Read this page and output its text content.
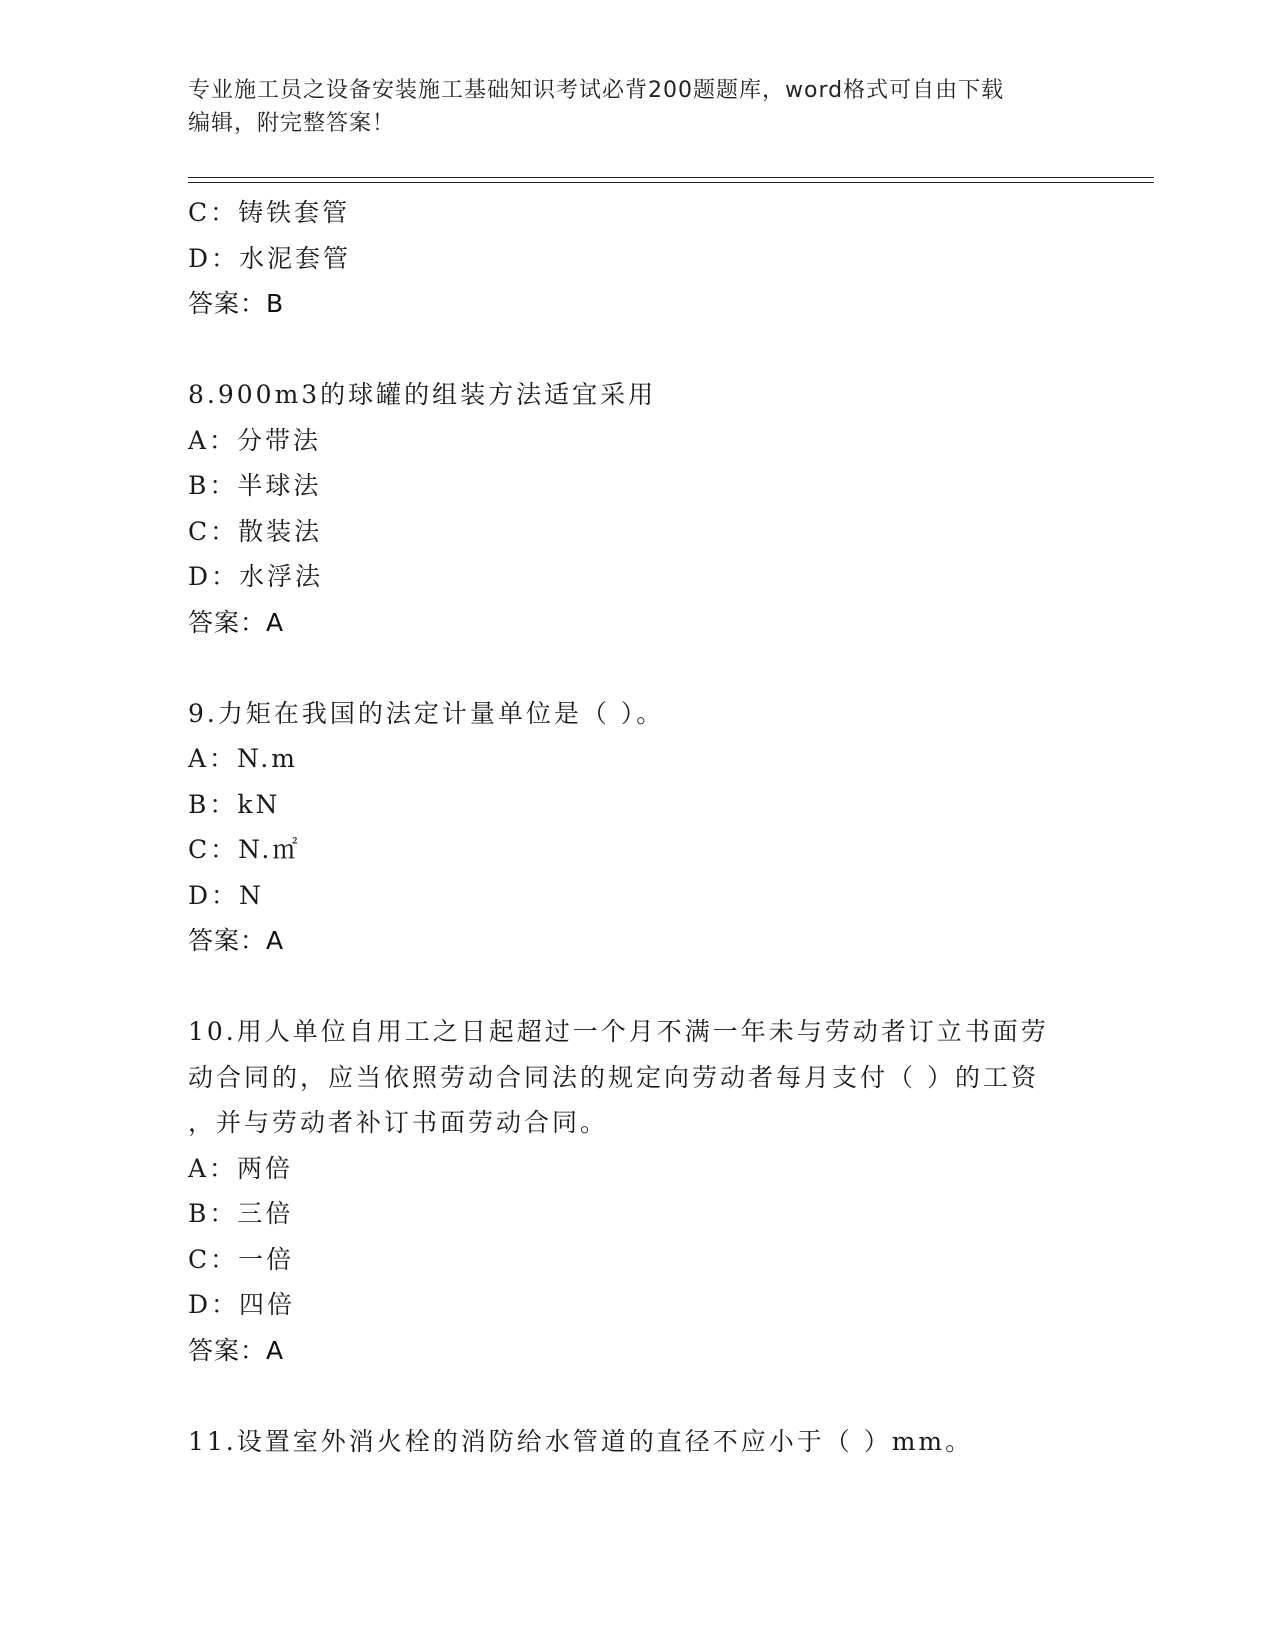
专业施工员之设备安装施工基础知识考试必背200题题库，word格式可自由下载
编辑，附完整答案！
C：铸铁套管
D：水泥套管
答案：B
8.900m3的球罐的组装方法适宜采用
A：分带法
B：半球法
C：散装法
D：水浮法
答案：A
9.力矩在我国的法定计量单位是（ ）。
A：N.m
B：kN
C：N.㎡
D：N
答案：A
10.用人单位自用工之日起超过一个月不满一年未与劳动者订立书面劳
动合同的，应当依照劳动合同法的规定向劳动者每月支付（ ）的工资
，并与劳动者补订书面劳动合同。
A：两倍
B：三倍
C：一倍
D：四倍
答案：A
11.设置室外消火栓的消防给水管道的直径不应小于（ ）mm。
